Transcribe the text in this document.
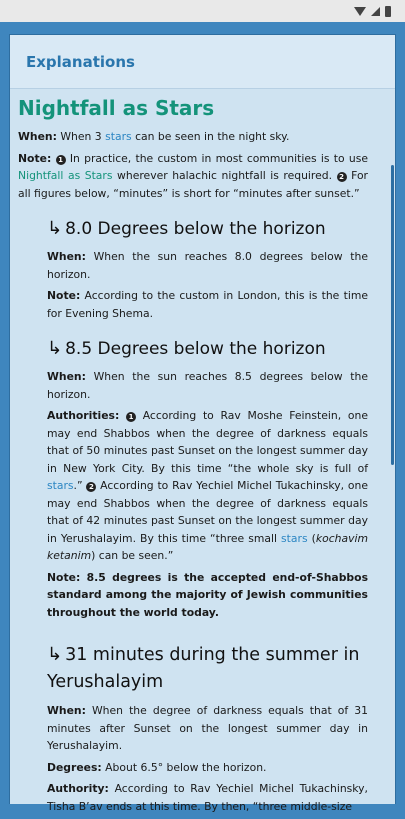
Explanations
Nightfall as Stars

When: When 3 stars can be seen in the night sky.

Note: 1 In practice, the custom in most communities is to use Nightfall as Stars wherever halachic nightfall is required. 2 For all figures below, “minutes” is short for “minutes after sunset.”

↳ 8.0 Degrees below the horizon

When: When the sun reaches 8.0 degrees below the horizon.

Note: According to the custom in London, this is the time for Evening Shema.

↳ 8.5 Degrees below the horizon

When: When the sun reaches 8.5 degrees below the horizon.

Authorities: 1 According to Rav Moshe Feinstein, one may end Shabbos when the degree of darkness equals that of 50 minutes past Sunset on the longest summer day in New York City. By this time “the whole sky is full of stars.” 2 According to Rav Yechiel Michel Tukachinsky, one may end Shabbos when the degree of darkness equals that of 42 minutes past Sunset on the longest summer day in Yerushalayim. By this time “three small stars (kochavim ketanim) can be seen.”

Note: 8.5 degrees is the accepted end-of-Shabbos standard among the majority of Jewish communities throughout the world today.

↳ 31 minutes during the summer in Yerushalayim

When: When the degree of darkness equals that of 31 minutes after Sunset on the longest summer day in Yerushalayim.

Degrees: About 6.5° below the horizon.

Authority: According to Rav Yechiel Michel Tukachinsky, Tisha B’av ends at this time. By then, “three middle-size
